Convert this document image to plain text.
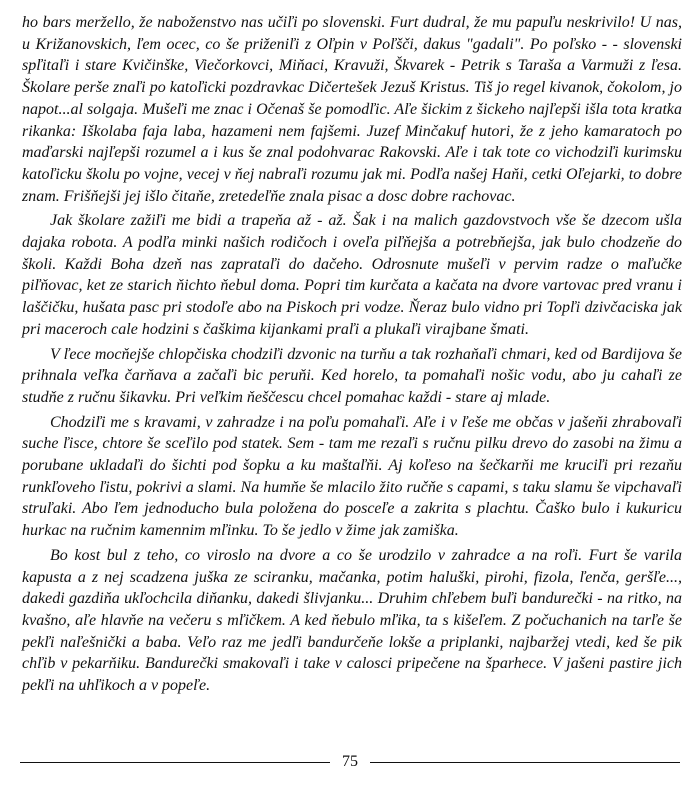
ho bars meržello, že naboženstvo nas učiľi po slovenski. Furt dudral, že mu papuľu neskrivilo! U nas, u Križanovskich, ľem ocec, co še priženiľi z Oľpin v Poľšči, dakus "gadali". Po poľsko - - slovenski spľitaľi i stare Kvičinške, Viečorkovci, Miňaci, Kravuži, Škvarek - Petrik s Taraša a Varmuži z ľesa. Školare perše znaľi po katoľicki pozdravkac Dičertešek Jezuš Kristus. Tiš jo regel kivanok, čokolom, jo napot...al solgaja. Mušeľi me znac i Očenaš še pomodľic. Aľe šickim z šickeho najľepši išla tota kratka rikanka: Iškolaba faja laba, hazameni nem fajšemi. Juzef Minčakuf hutori, že z jeho kamaratoch po maďarski najľepši rozumel a i kus še znal podohvarac Rakovski. Aľe i tak tote co vichodziľi kurimsku katoľicku školu po vojne, vecej v ňej nabraľi rozumu jak mi. Podľa našej Haňi, cetki Oľejarki, to dobre znam. Frišňejši jej išlo čitaňe, zretedeľňe znala pisac a dosc dobre rachovac.

Jak školare zažiľi me bidi a trapeňa až - až. Šak i na malich gazdovstvoch vše še dzecom ušla dajaka robota. A podľa minki našich rodičoch i oveľa piľňejša a potrebňejša, jak bulo chodzeňe do školi. Každi Boha dzeň nas zaprataľi do dačeho. Odrosnute mušeľi v pervim radze o maľučke piľňovac, ket ze starich ňichto ňebul doma. Popri tim kurčata a kačata na dvore vartovac pred vranu i laščičku, hušata pasc pri stodoľe abo na Piskoch pri vodze. Ňeraz bulo vidno pri Topľi dzivčaciska jak pri maceroch cale hodzini s čaškima kijankami praľi a plukaľi virajbane šmati.

V ľece mocňejše chlopčiska chodziľi dzvonic na turňu a tak rozhaňaľi chmari, ked od Bardijova še prihnala veľka čarňava a začaľi bic peruňi. Ked horelo, ta pomahaľi nošic vodu, abo ju cahaľi ze studňe z ručnu šikavku. Pri veľkim ňeščescu chcel pomahac každi - stare aj mlade.

Chodziľi me s kravami, v zahradze i na poľu pomahaľi. Aľe i v ľeše me občas v jašeňi zhrabovaľi suche ľisce, chtore še sceľilo pod statek. Sem - tam me rezaľi s ručnu pilku drevo do zasobi na žimu a porubane ukladaľi do šichti pod šopku a ku maštaľňi. Aj koľeso na šečkarňi me kruciľi pri rezaňu runkľoveho ľistu, pokrivi a slami. Na humňe še mlacilo žito ručňe s capami, s taku slamu še vipchavaľi struľaki. Abo ľem jednoducho bula položena do posceľe a zakrita s plachtu. Čaško bulo i kukuricu hurkac na ručnim kamennim mľinku. To še jedlo v žime jak zamiška.

Bo kost bul z teho, co viroslo na dvore a co še urodzilo v zahradce a na roľi. Furt še varila kapusta a z nej scadzena juška ze sciranku, mačanka, potim haluški, pirohi, fizola, ľenča, geršľe..., dakedi gazdiňa ukľochcila diňanku, dakedi šlivjanku... Druhim chľebem buľi bandurečki - na ritko, na kvašno, aľe hlavňe na večeru s mľičkem. A ked ňebulo mľika, ta s kišeľem. Z počuchanich na tarľe še pekľi naľešnički a baba. Veľo raz me jedľi bandurčeňe lokše a priplanki, najbaržej vtedi, ked še pik chľib v pekarňiku. Bandurečki smakovaľi i take v calosci pripečene na šparhece. V jašeni pastire jich pekľi na uhľikoch a v popeľe.

75
